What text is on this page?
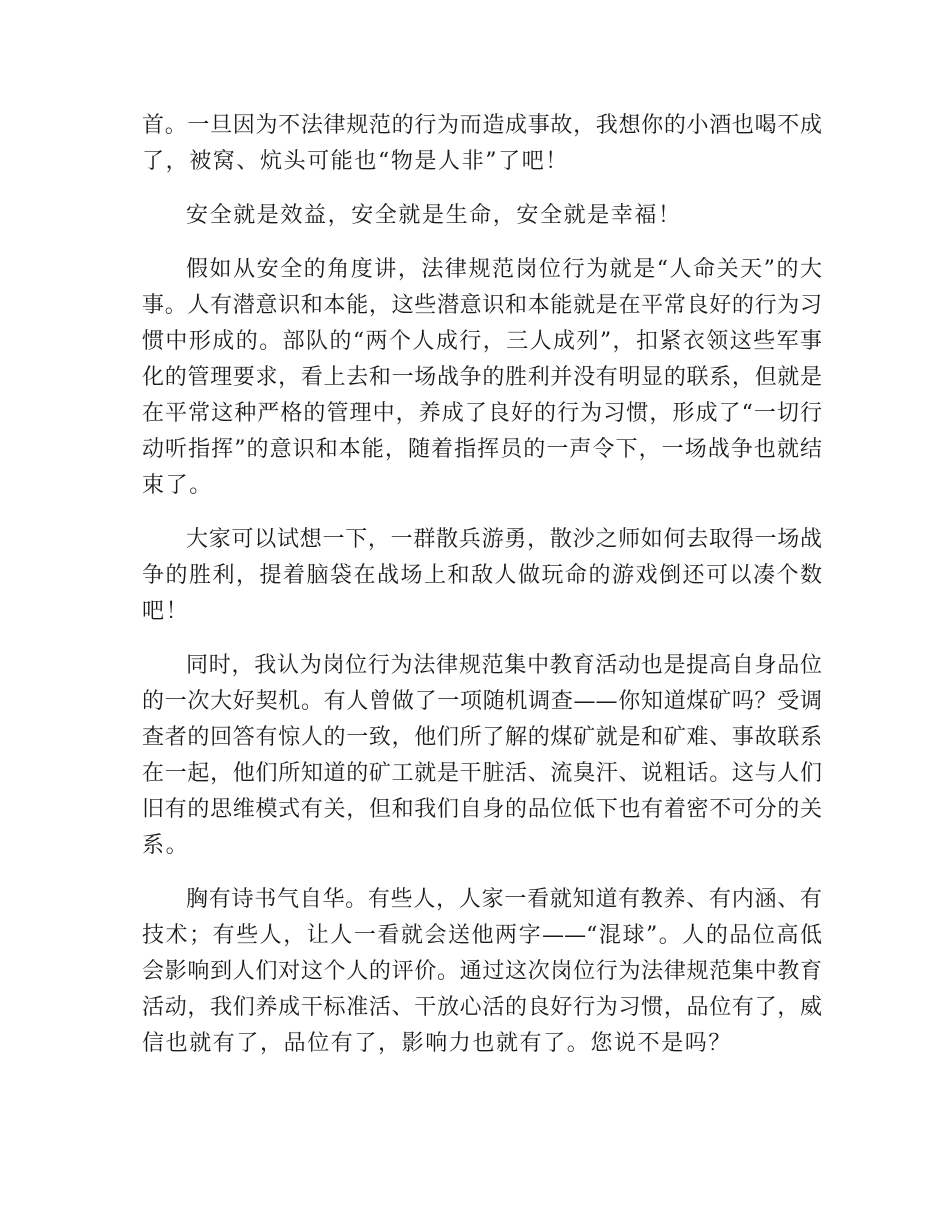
首。一旦因为不法律规范的行为而造成事故，我想你的小酒也喝不成
了，被窝、炕头可能也“物是人非”了吧！
安全就是效益，安全就是生命，安全就是幸福！
假如从安全的角度讲，法律规范岗位行为就是“人命关天”的大
事。人有潜意识和本能，这些潜意识和本能就是在平常良好的行为习
惯中形成的。部队的“两个人成行，三人成列”，扣紧衣领这些军事
化的管理要求，看上去和一场战争的胜利并没有明显的联系，但就是
在平常这种严格的管理中，养成了良好的行为习惯，形成了“一切行
动听指挥”的意识和本能，随着指挥员的一声令下，一场战争也就结
束了。
大家可以试想一下，一群散兵游勇，散沙之师如何去取得一场战
争的胜利，提着脑袋在战场上和敌人做玩命的游戏倒还可以凑个数
吧！
同时，我认为岗位行为法律规范集中教育活动也是提高自身品位
的一次大好契机。有人曾做了一项随机调查——你知道煤矿吗？受调
查者的回答有惊人的一致，他们所了解的煤矿就是和矿难、事故联系
在一起，他们所知道的矿工就是干脏活、流臭汗、说粗话。这与人们
旧有的思维模式有关，但和我们自身的品位低下也有着密不可分的关
系。
胸有诗书气自华。有些人，人家一看就知道有教养、有内涵、有
技术；有些人，让人一看就会送他两字——“混球”。人的品位高低
会影响到人们对这个人的评价。通过这次岗位行为法律规范集中教育
活动，我们养成干标准活、干放心活的良好行为习惯，品位有了，威
信也就有了，品位有了，影响力也就有了。您说不是吗？
